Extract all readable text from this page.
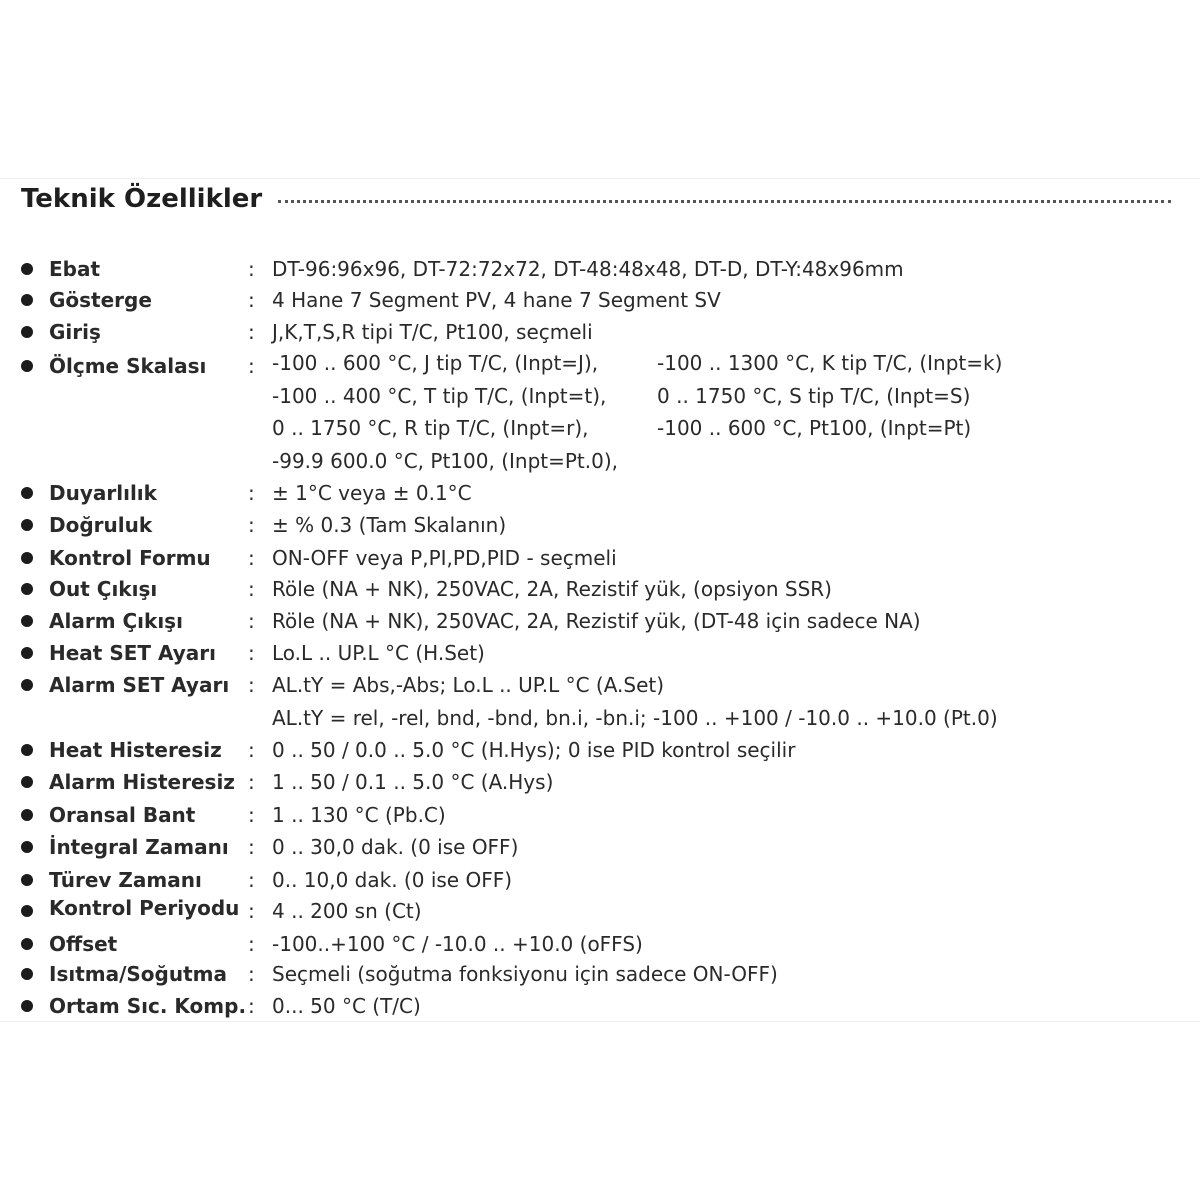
Teknik Özellikler
Ebat	: DT-96:96x96, DT-72:72x72, DT-48:48x48, DT-D, DT-Y:48x96mm
Gösterge	: 4 Hane 7 Segment PV, 4 hane 7 Segment SV
Giriş	: J,K,T,S,R tipi T/C, Pt100, seçmeli
Ölçme Skalası : -100 .. 600 °C, J tip T/C, (Inpt=J),	-100 .. 1300 °C, K tip T/C, (Inpt=k)
-100 .. 400 °C, T tip T/C, (Inpt=t),	0 .. 1750 °C, S tip T/C, (Inpt=S)
0 .. 1750 °C, R tip T/C, (Inpt=r),	-100 .. 600 °C, Pt100, (Inpt=Pt)
-99.9 600.0 °C, Pt100, (Inpt=Pt.0),
Duyarlılık	: ± 1°C veya ± 0.1°C
Doğruluk	: ± % 0.3 (Tam Skalanın)
Kontrol Formu : ON-OFF veya P,PI,PD,PID - seçmeli
Out Çıkışı	: Röle (NA + NK), 250VAC, 2A, Rezistif yük, (opsiyon SSR)
Alarm Çıkışı	: Röle (NA + NK), 250VAC, 2A, Rezistif yük, (DT-48 için sadece NA)
Heat SET Ayarı : Lo.L .. UP.L °C (H.Set)
Alarm SET Ayarı : AL.tY = Abs,-Abs; Lo.L .. UP.L °C (A.Set)
AL.tY = rel, -rel, bnd, -bnd, bn.i, -bn.i; -100 .. +100 / -10.0 .. +10.0 (Pt.0)
Heat Histeresiz : 0 .. 50 / 0.0 .. 5.0 °C (H.Hys); 0 ise PID kontrol seçilir
Alarm Histeresiz : 1 .. 50 / 0.1 .. 5.0 °C (A.Hys)
Oransal Bant	: 1 .. 130 °C (Pb.C)
İntegral Zamanı : 0 .. 30,0 dak. (0 ise OFF)
Türev Zamanı : 0.. 10,0 dak. (0 ise OFF)
Kontrol Periyodu : 4 .. 200 sn (Ct)
Offset	: -100..+100 °C / -10.0 .. +10.0 (oFFS)
Isıtma/Soğutma : Seçmeli (soğutma fonksiyonu için sadece ON-OFF)
Ortam Sıc. Komp. : 0... 50 °C (T/C)
